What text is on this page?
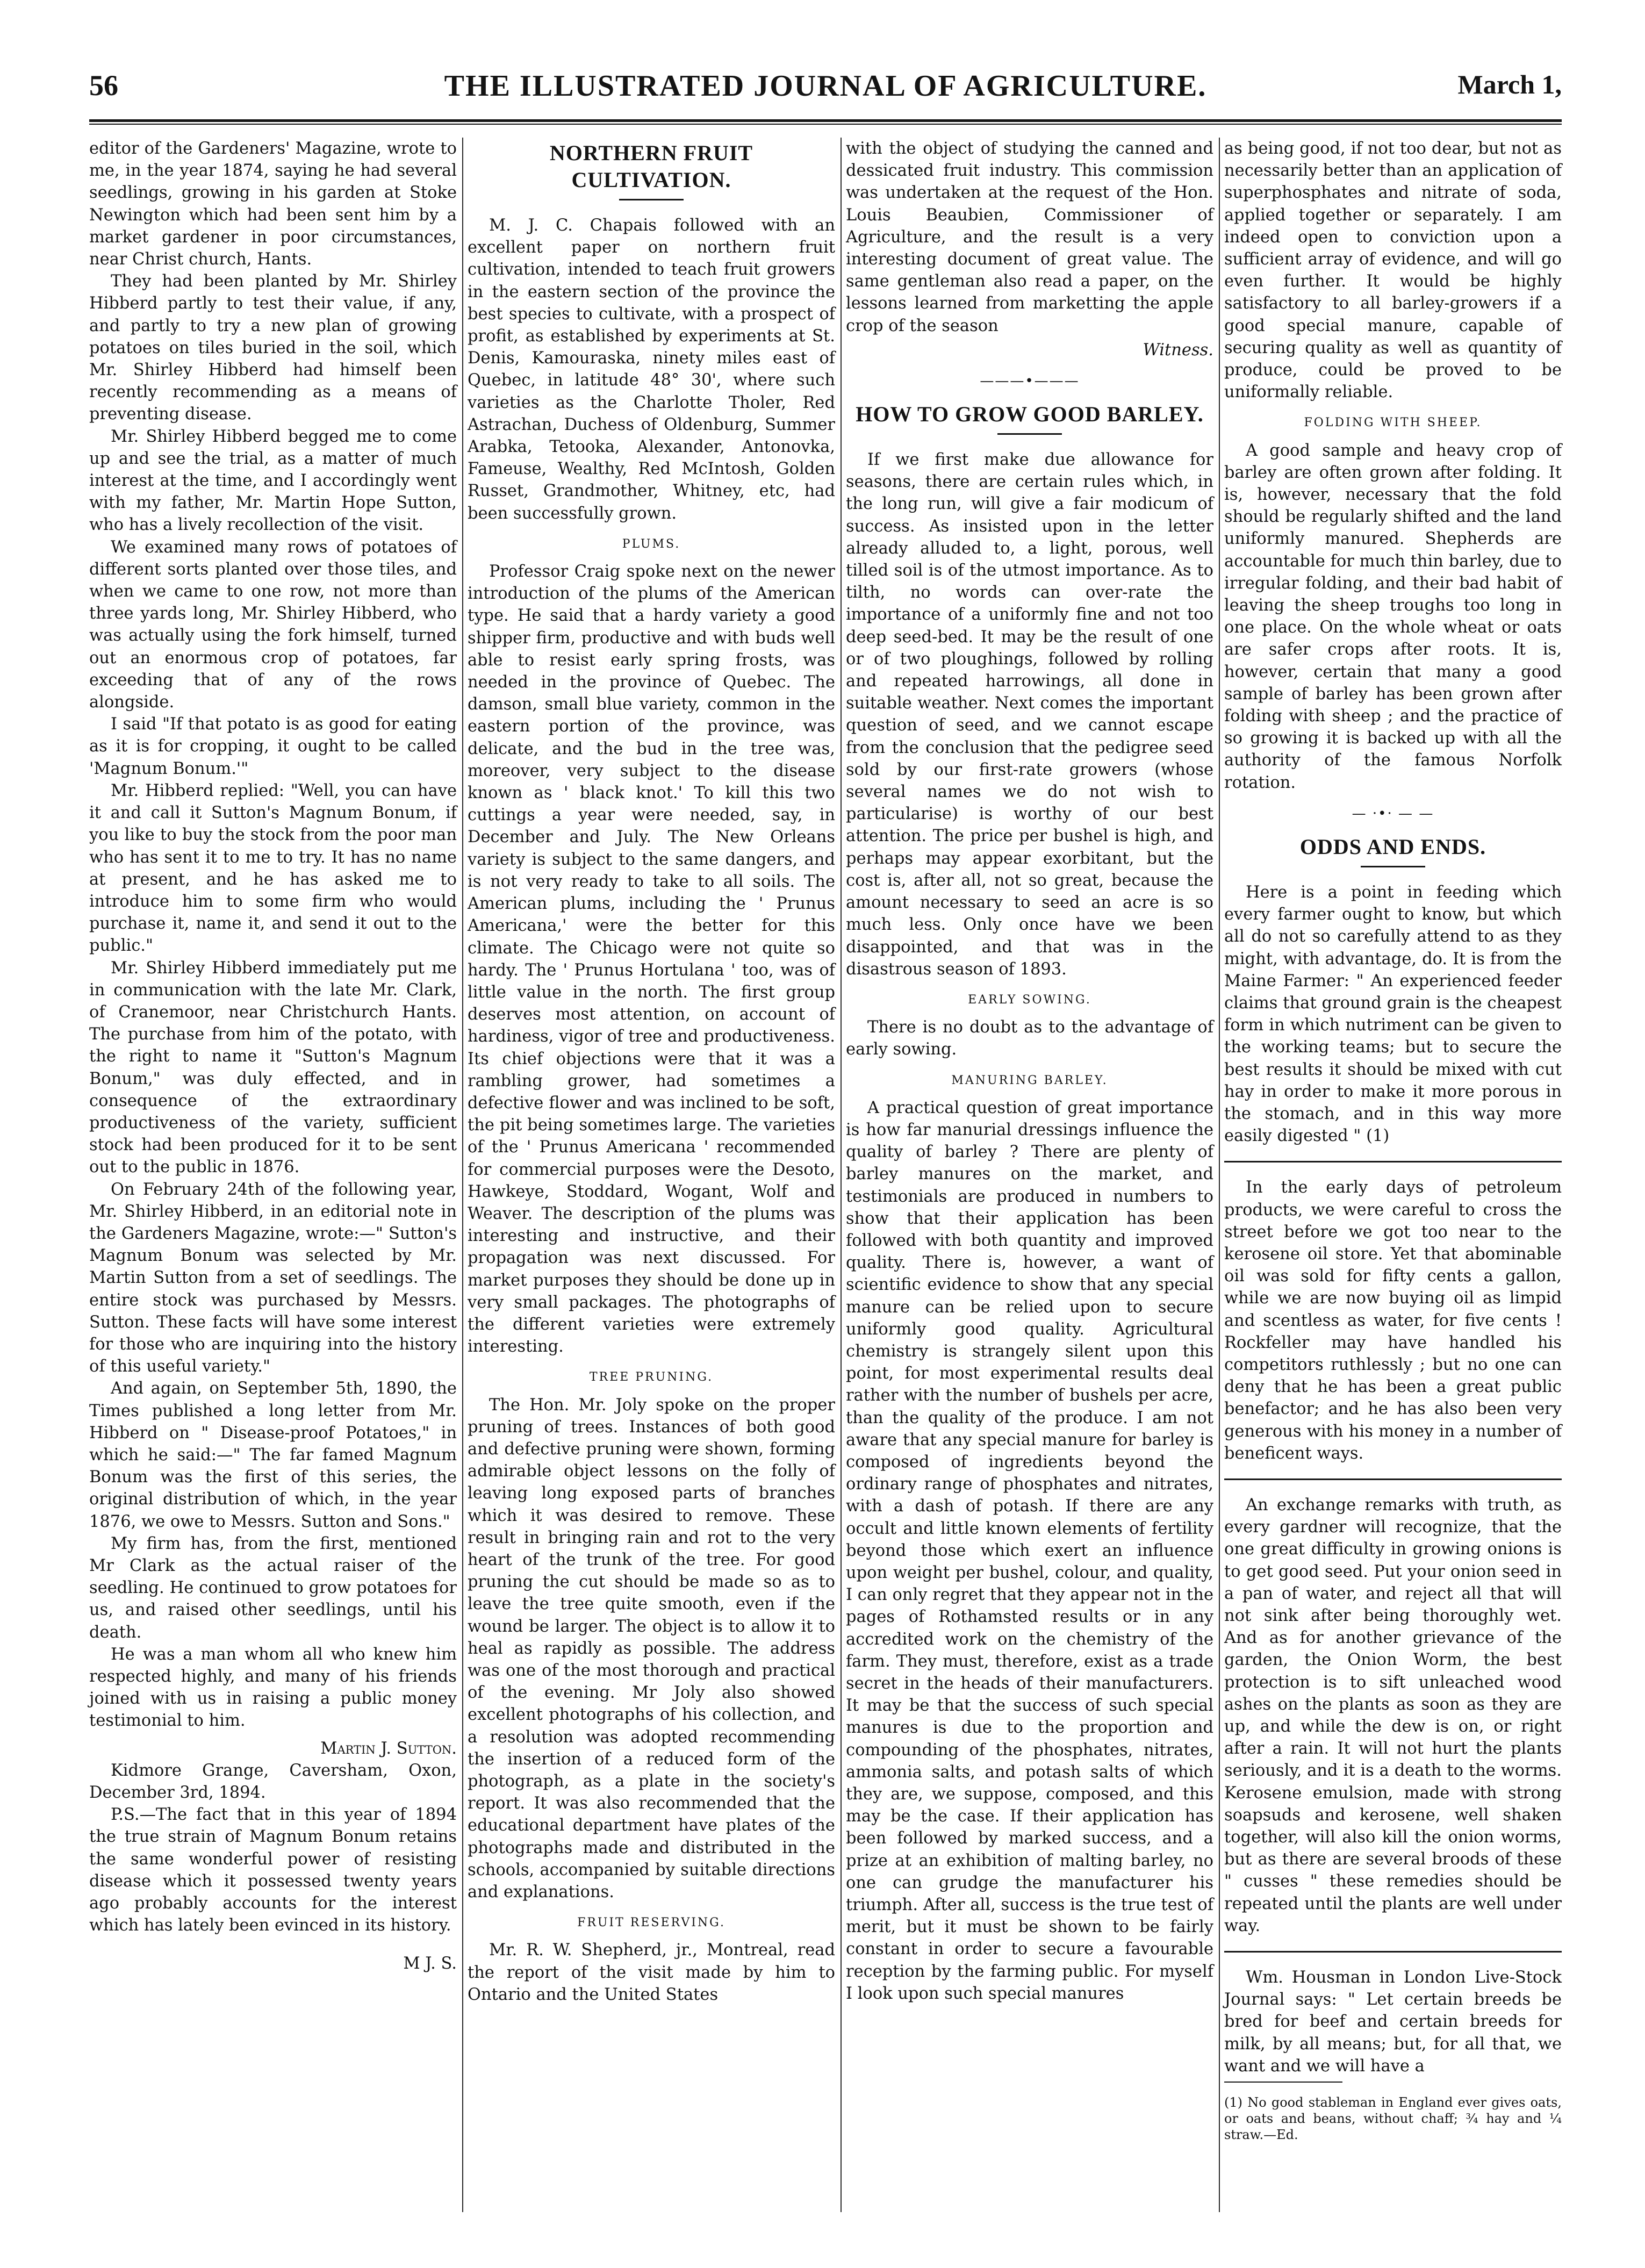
56	THE ILLUSTRATED JOURNAL OF AGRICULTURE.	March 1,

editor of the Gardeners' Magazine, wrote to me, in the year 1874, saying he had several seedlings, growing in his garden at Stoke Newington which had been sent him by a market gardener in poor circumstances, near Christ church, Hants.

They had been planted by Mr. Shirley Hibberd partly to test their value, if any, and partly to try a new plan of growing potatoes on tiles buried in the soil, which Mr. Shirley Hibberd had himself been recently recommending as a means of preventing disease.

Mr. Shirley Hibberd begged me to come up and see the trial, as a matter of much interest at the time, and I accordingly went with my father, Mr. Martin Hope Sutton, who has a lively recollection of the visit.

We examined many rows of potatoes of different sorts planted over those tiles, and when we came to one row, not more than three yards long, Mr. Shirley Hibberd, who was actually using the fork himself, turned out an enormous crop of potatoes, far exceeding that of any of the rows alongside.

I said "If that potato is as good for eating as it is for cropping, it ought to be called 'Magnum Bonum.'"

Mr. Hibberd replied: "Well, you can have it and call it Sutton's Magnum Bonum, if you like to buy the stock from the poor man who has sent it to me to try. It has no name at present, and he has asked me to introduce him to some firm who would purchase it, name it, and send it out to the public."

Mr. Shirley Hibberd immediately put me in communication with the late Mr. Clark, of Cranemoor, near Christchurch Hants. The purchase from him of the potato, with the right to name it "Sutton's Magnum Bonum," was duly effected, and in consequence of the extraordinary productiveness of the variety, sufficient stock had been produced for it to be sent out to the public in 1876.

On February 24th of the following year, Mr. Shirley Hibberd, in an editorial note in the Gardeners Magazine, wrote:—" Sutton's Magnum Bonum was selected by Mr. Martin Sutton from a set of seedlings. The entire stock was purchased by Messrs. Sutton. These facts will have some interest for those who are inquiring into the history of this useful variety."

And again, on September 5th, 1890, the Times published a long letter from Mr. Hibberd on " Disease-proof Potatoes," in which he said:—" The far famed Magnum Bonum was the first of this series, the original distribution of which, in the year 1876, we owe to Messrs. Sutton and Sons."

My firm has, from the first, mentioned Mr Clark as the actual raiser of the seedling. He continued to grow potatoes for us, and raised other seedlings, until his death.

He was a man whom all who knew him respected highly, and many of his friends joined with us in raising a public money testimonial to him.

Martin J. Sutton.

Kidmore Grange, Caversham, Oxon, December 3rd, 1894.

P.S.—The fact that in this year of 1894 the true strain of Magnum Bonum retains the same wonderful power of resisting disease which it possessed twenty years ago probably accounts for the interest which has lately been evinced in its history.

M J. S.
NORTHERN FRUIT CULTIVATION.

M. J. C. Chapais followed with an excellent paper on northern fruit cultivation, intended to teach fruit growers in the eastern section of the province the best species to cultivate, with a prospect of profit, as established by experiments at St. Denis, Kamouraska, ninety miles east of Quebec, in latitude 48° 30', where such varieties as the Charlotte Tholer, Red Astrachan, Duchess of Oldenburg, Summer Arabka, Tetooka, Alexander, Antonovka, Fameuse, Wealthy, Red McIntosh, Golden Russet, Grandmother, Whitney, etc, had been successfully grown.

PLUMS.

Professor Craig spoke next on the newer introduction of the plums of the American type. He said that a hardy variety a good shipper firm, productive and with buds well able to resist early spring frosts, was needed in the province of Quebec. The damson, small blue variety, common in the eastern portion of the province, was delicate, and the bud in the tree was, moreover, very subject to the disease known as ' black knot.' To kill this two cuttings a year were needed, say, in December and July. The New Orleans variety is subject to the same dangers, and is not very ready to take to all soils. The American plums, including the ' Prunus Americana,' were the better for this climate. The Chicago were not quite so hardy. The ' Prunus Hortulana ' too, was of little value in the north. The first group deserves most attention, on account of hardiness, vigor of tree and productiveness. Its chief objections were that it was a rambling grower, had sometimes a defective flower and was inclined to be soft, the pit being sometimes large. The varieties of the ' Prunus Americana ' recommended for commercial purposes were the Desoto, Hawkeye, Stoddard, Wogant, Wolf and Weaver. The description of the plums was interesting and instructive, and their propagation was next discussed. For market purposes they should be done up in very small packages. The photographs of the different varieties were extremely interesting.

TREE PRUNING.

The Hon. Mr. Joly spoke on the proper pruning of trees. Instances of both good and defective pruning were shown, forming admirable object lessons on the folly of leaving long exposed parts of branches which it was desired to remove. These result in bringing rain and rot to the very heart of the trunk of the tree. For good pruning the cut should be made so as to leave the tree quite smooth, even if the wound be larger. The object is to allow it to heal as rapidly as possible. The address was one of the most thorough and practical of the evening. Mr Joly also showed excellent photographs of his collection, and a resolution was adopted recommending the insertion of a reduced form of the photograph, as a plate in the society's report. It was also recommended that the educational department have plates of the photographs made and distributed in the schools, accompanied by suitable directions and explanations.

FRUIT RESERVING.

Mr. R. W. Shepherd, jr., Montreal, read the report of the visit made by him to Ontario and the United States

with the object of studying the canned and dessicated fruit industry. This commission was undertaken at the request of the Hon. Louis Beaubien, Commissioner of Agriculture, and the result is a very interesting document of great value. The same gentleman also read a paper, on the lessons learned from marketting the apple crop of the season

Witness.
———•———
HOW TO GROW GOOD BARLEY.

If we first make due allowance for seasons, there are certain rules which, in the long run, will give a fair modicum of success. As insisted upon in the letter already alluded to, a light, porous, well tilled soil is of the utmost importance. As to tilth, no words can over-rate the importance of a uniformly fine and not too deep seed-bed. It may be the result of one or of two ploughings, followed by rolling and repeated harrowings, all done in suitable weather. Next comes the important question of seed, and we cannot escape from the conclusion that the pedigree seed sold by our first-rate growers (whose several names we do not wish to particularise) is worthy of our best attention. The price per bushel is high, and perhaps may appear exorbitant, but the cost is, after all, not so great, because the amount necessary to seed an acre is so much less. Only once have we been disappointed, and that was in the disastrous season of 1893.

EARLY SOWING.

There is no doubt as to the advantage of early sowing.

MANURING BARLEY.

A practical question of great importance is how far manurial dressings influence the quality of barley ? There are plenty of barley manures on the market, and testimonials are produced in numbers to show that their application has been followed with both quantity and improved quality. There is, however, a want of scientific evidence to show that any special manure can be relied upon to secure uniformly good quality. Agricultural chemistry is strangely silent upon this point, for most experimental results deal rather with the number of bushels per acre, than the quality of the produce. I am not aware that any special manure for barley is composed of ingredients beyond the ordinary range of phosphates and nitrates, with a dash of potash. If there are any occult and little known elements of fertility beyond those which exert an influence upon weight per bushel, colour, and quality, I can only regret that they appear not in the pages of Rothamsted results or in any accredited work on the chemistry of the farm. They must, therefore, exist as a trade secret in the heads of their manufacturers. It may be that the success of such special manures is due to the proportion and compounding of the phosphates, nitrates, ammonia salts, and potash salts of which they are, we suppose, composed, and this may be the case. If their application has been followed by marked success, and a prize at an exhibition of malting barley, no one can grudge the manufacturer his triumph. After all, success is the true test of merit, but it must be shown to be fairly constant in order to secure a favourable reception by the farming public. For myself I look upon such special manures

as being good, if not too dear, but not as necessarily better than an application of superphosphates and nitrate of soda, applied together or separately. I am indeed open to conviction upon a sufficient array of evidence, and will go even further. It would be highly satisfactory to all barley-growers if a good special manure, capable of securing quality as well as quantity of produce, could be proved to be uniformally reliable.

FOLDING WITH SHEEP.

A good sample and heavy crop of barley are often grown after folding. It is, however, necessary that the fold should be regularly shifted and the land uniformly manured. Shepherds are accountable for much thin barley, due to irregular folding, and their bad habit of leaving the sheep troughs too long in one place. On the whole wheat or oats are safer crops after roots. It is, however, certain that many a good sample of barley has been grown after folding with sheep ; and the practice of so growing it is backed up with all the authority of the famous Norfolk rotation.

— ·•· — —
ODDS AND ENDS.

Here is a point in feeding which every farmer ought to know, but which all do not so carefully attend to as they might, with advantage, do. It is from the Maine Farmer: " An experienced feeder claims that ground grain is the cheapest form in which nutriment can be given to the working teams; but to secure the best results it should be mixed with cut hay in order to make it more porous in the stomach, and in this way more easily digested " (1)

In the early days of petroleum products, we were careful to cross the street before we got too near to the kerosene oil store. Yet that abominable oil was sold for fifty cents a gallon, while we are now buying oil as limpid and scentless as water, for five cents ! Rockfeller may have handled his competitors ruthlessly ; but no one can deny that he has been a great public benefactor; and he has also been very generous with his money in a number of beneficent ways.

An exchange remarks with truth, as every gardner will recognize, that the one great difficulty in growing onions is to get good seed. Put your onion seed in a pan of water, and reject all that will not sink after being thoroughly wet. And as for another grievance of the garden, the Onion Worm, the best protection is to sift unleached wood ashes on the plants as soon as they are up, and while the dew is on, or right after a rain. It will not hurt the plants seriously, and it is a death to the worms. Kerosene emulsion, made with strong soapsuds and kerosene, well shaken together, will also kill the onion worms, but as there are several broods of these " cusses " these remedies should be repeated until the plants are well under way.

Wm. Housman in London Live-Stock Journal says: " Let certain breeds be bred for beef and certain breeds for milk, by all means; but, for all that, we want and we will have a

(1) No good stableman in England ever gives oats, or oats and beans, without chaff; ¾ hay and ¼ straw.—Ed.
